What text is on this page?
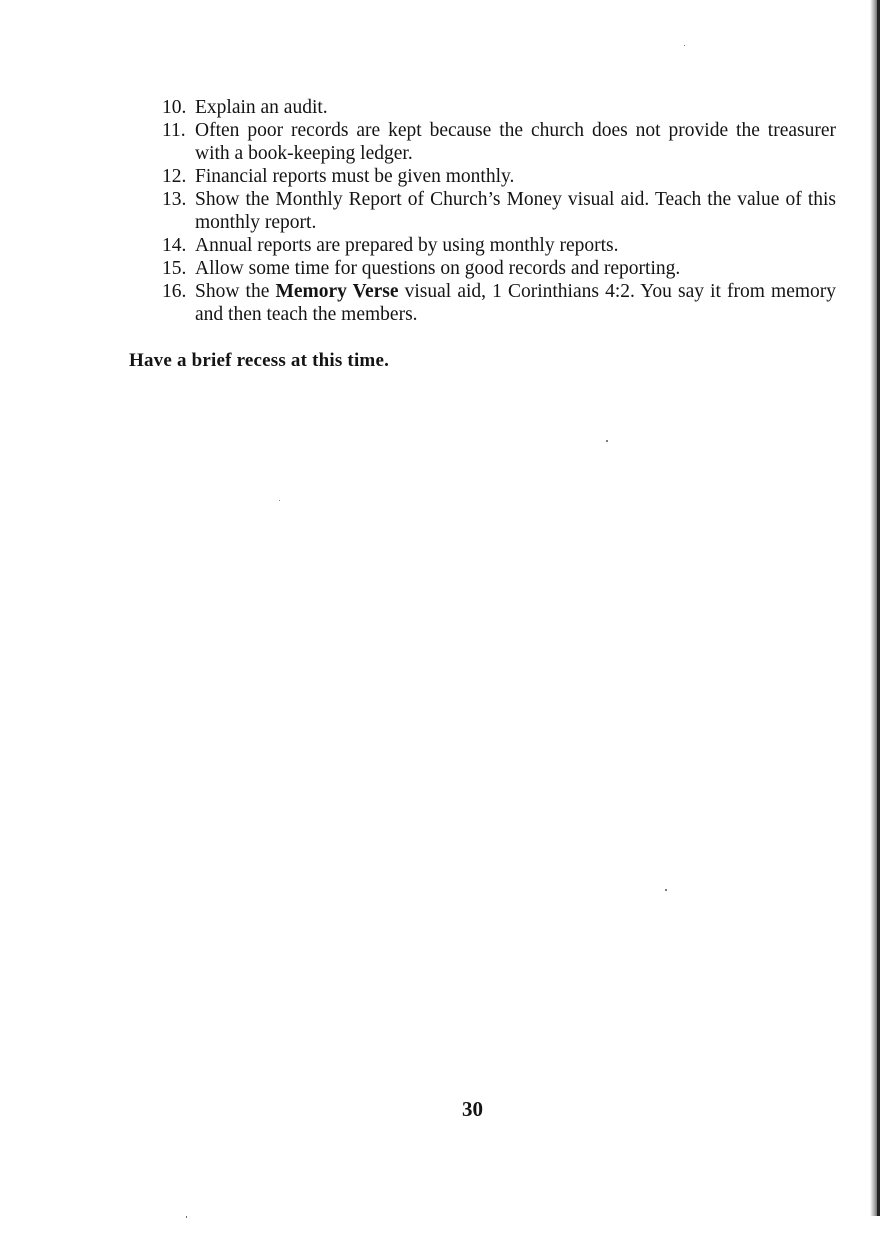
10. Explain an audit.
11. Often poor records are kept because the church does not provide the treasurer with a book-keeping ledger.
12. Financial reports must be given monthly.
13. Show the Monthly Report of Church’s Money visual aid. Teach the value of this monthly report.
14. Annual reports are prepared by using monthly reports.
15. Allow some time for questions on good records and reporting.
16. Show the Memory Verse visual aid, 1 Corinthians 4:2. You say it from memory and then teach the members.
Have a brief recess at this time.
30
